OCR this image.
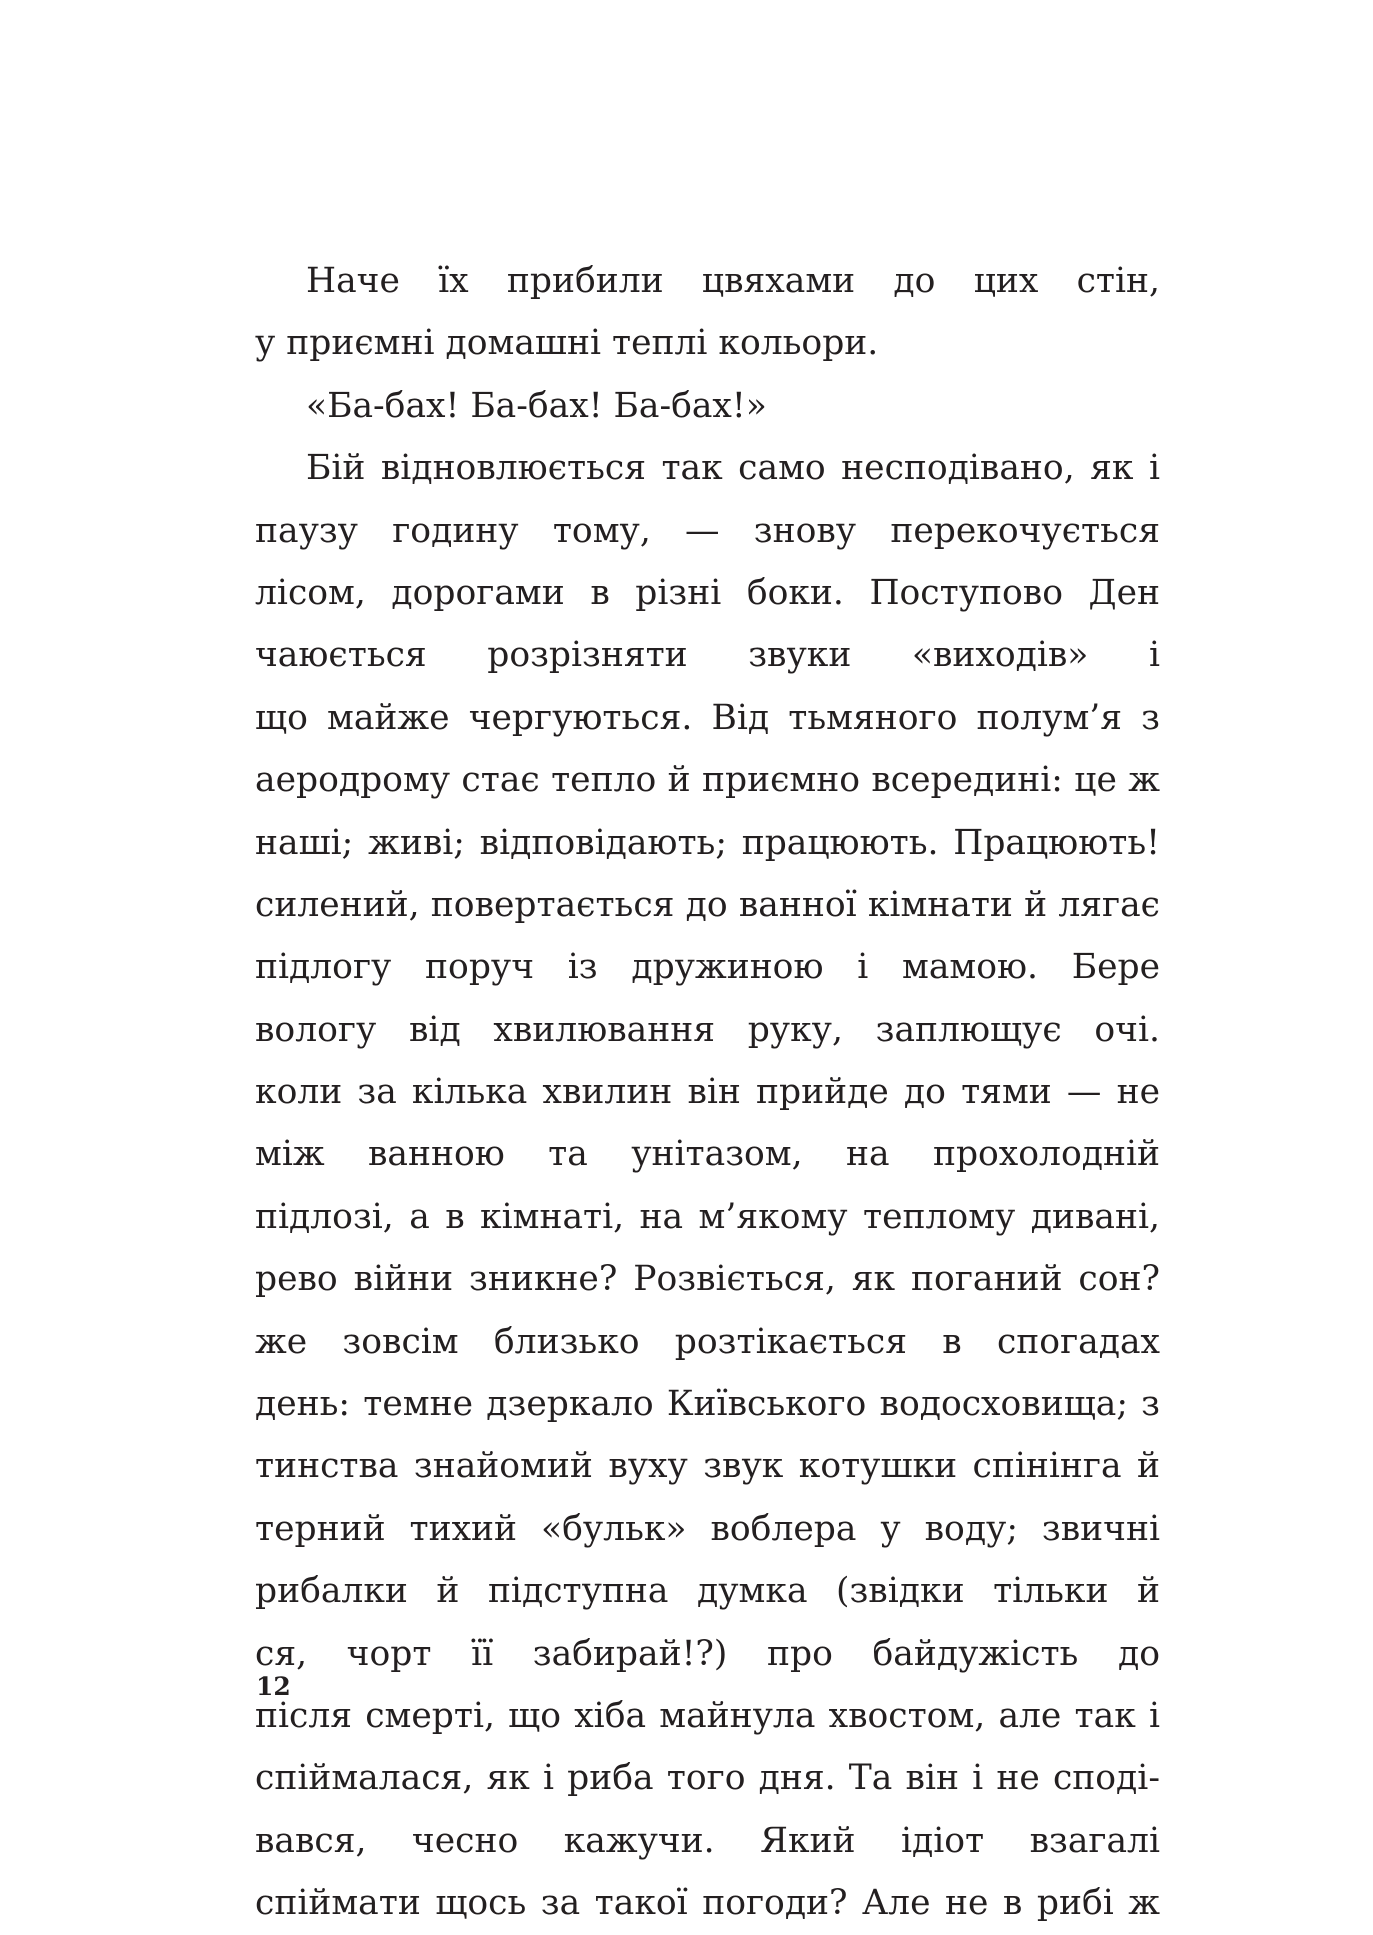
Наче їх прибили цвяхами до цих стін,
у приємні домашні теплі кольори.
«Ба-бах! Ба-бах! Ба-бах!»
Бій відновлюється так само несподівано, як і
паузу годину тому, — знову перекочується
лісом, дорогами в різні боки. Поступово Ден
чаюється розрізняти звуки «виходів» і
що майже чергуються. Від тьмяного полум’я з
аеродрому стає тепло й приємно всередині: це ж
наші; живі; відповідають; працюють. Працюють!
силений, повертається до ванної кімнати й лягає
підлогу поруч із дружиною і мамою. Бере
вологу від хвилювання руку, заплющує очі.
коли за кілька хвилин він прийде до тями — не
між ванною та унітазом, на прохолодній
підлозі, а в кімнаті, на м’якому теплому дивані,
рево війни зникне? Розвіється, як поганий сон?
же зовсім близько розтікається в спогадах
день: темне дзеркало Київського водосховища; з
тинства знайомий вуху звук котушки спінінга й
терний тихий «бульк» воблера у воду; звичні
рибалки й підступна думка (звідки тільки й
ся, чорт її забирай!?) про байдужість до
після смерті, що хіба майнула хвостом, але так і
спіймалася, як і риба того дня. Та він і не сподi-
вався, чесно кажучи. Який ідіот взагалі
спіймати щось за такої погоди? Але не в рибі ж
12
